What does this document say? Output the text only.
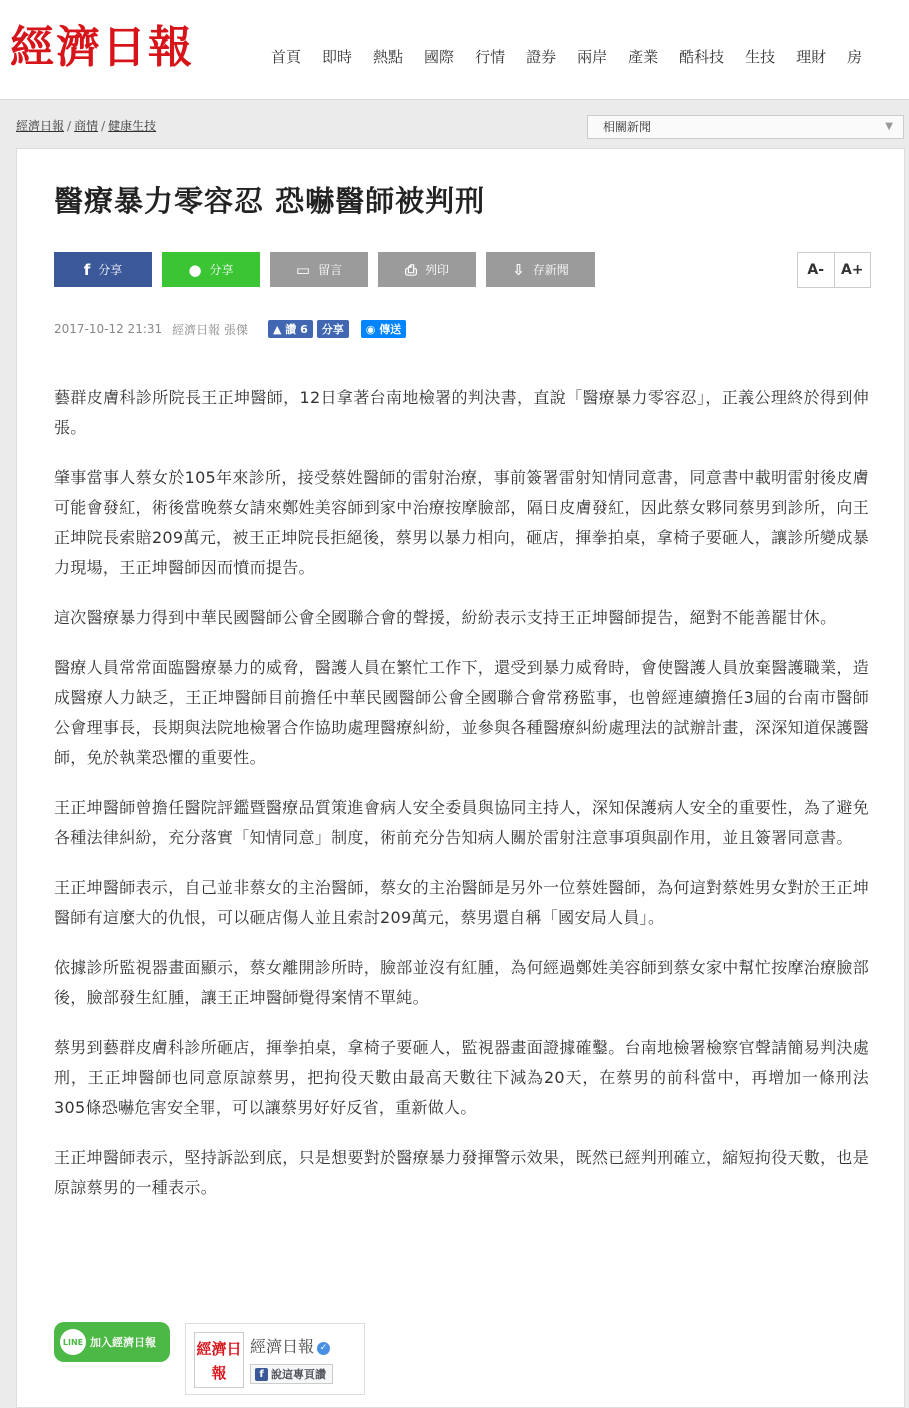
經濟日報	首頁 即時 熱點 國際 行情 證券 兩岸 產業 酷科技 生技 理財 房
經濟日報 / 商情 / 健康生技	相關新聞	▼
醫療暴力零容忍 恐嚇醫師被判刑
f 分享	● 分享	▭ 留言	⎙ 列印	⇩ 存新聞	A-	A+
2017-10-12 21:31 經濟日報 張傑 ▲ 讚 6	分享	◉ 傳送

藝群皮膚科診所院長王正坤醫師，12日拿著台南地檢署的判決書，直說「醫療暴力零容忍」，正義公理終於得到伸張。

肇事當事人蔡女於105年來診所，接受蔡姓醫師的雷射治療，事前簽署雷射知情同意書，同意書中載明雷射後皮膚可能會發紅，術後當晚蔡女請來鄭姓美容師到家中治療按摩臉部，隔日皮膚發紅，因此蔡女夥同蔡男到診所，向王正坤院長索賠209萬元，被王正坤院長拒絕後，蔡男以暴力相向，砸店，揮拳拍桌，拿椅子要砸人，讓診所變成暴力現場，王正坤醫師因而憤而提告。

這次醫療暴力得到中華民國醫師公會全國聯合會的聲援，紛紛表示支持王正坤醫師提告，絕對不能善罷甘休。

醫療人員常常面臨醫療暴力的威脅，醫護人員在繁忙工作下，還受到暴力威脅時，會使醫護人員放棄醫護職業，造成醫療人力缺乏，王正坤醫師目前擔任中華民國醫師公會全國聯合會常務監事，也曾經連續擔任3屆的台南市醫師公會理事長，長期與法院地檢署合作協助處理醫療糾紛，並參與各種醫療糾紛處理法的試辦計畫，深深知道保護醫師，免於執業恐懼的重要性。

王正坤醫師曾擔任醫院評鑑暨醫療品質策進會病人安全委員與協同主持人，深知保護病人安全的重要性，為了避免各種法律糾紛，充分落實「知情同意」制度，術前充分告知病人關於雷射注意事項與副作用，並且簽署同意書。

王正坤醫師表示，自己並非蔡女的主治醫師，蔡女的主治醫師是另外一位蔡姓醫師，為何這對蔡姓男女對於王正坤醫師有這麼大的仇恨，可以砸店傷人並且索討209萬元，蔡男還自稱「國安局人員」。

依據診所監視器畫面顯示，蔡女離開診所時，臉部並沒有紅腫，為何經過鄭姓美容師到蔡女家中幫忙按摩治療臉部後，臉部發生紅腫，讓王正坤醫師覺得案情不單純。

蔡男到藝群皮膚科診所砸店，揮拳拍桌，拿椅子要砸人，監視器畫面證據確鑿。台南地檢署檢察官聲請簡易判決處刑，王正坤醫師也同意原諒蔡男，把拘役天數由最高天數往下減為20天，在蔡男的前科當中，再增加一條刑法305條恐嚇危害安全罪，可以讓蔡男好好反省，重新做人。

王正坤醫師表示，堅持訴訟到底，只是想要對於醫療暴力發揮警示效果，既然已經判刑確立，縮短拘役天數，也是原諒蔡男的一種表示。

LINE 加入經濟日報	經濟日報
經濟日報 ✓
f 說這專頁讚
